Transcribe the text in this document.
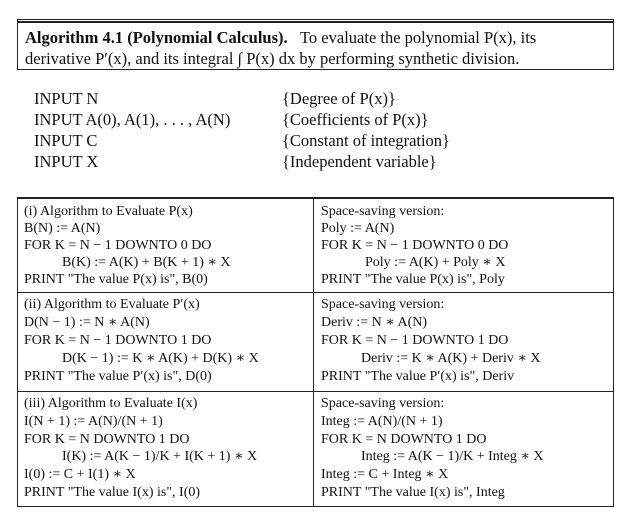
Algorithm 4.1 (Polynomial Calculus). To evaluate the polynomial P(x), its
derivative P′(x), and its integral ∫ P(x) dx by performing synthetic division.
INPUT N	{Degree of P(x)}
INPUT A(0), A(1), . . . , A(N)	{Coefficients of P(x)}
INPUT C	{Constant of integration}
INPUT X	{Independent variable}
(i) Algorithm to Evaluate P(x)
B(N) := A(N)
FOR K = N − 1 DOWNTO 0 DO
B(K) := A(K) + B(K + 1) ∗ X
PRINT "The value P(x) is", B(0)
Space-saving version:
Poly := A(N)
FOR K = N − 1 DOWNTO 0 DO
Poly := A(K) + Poly ∗ X
PRINT "The value P(x) is", Poly
(ii) Algorithm to Evaluate P′(x)
D(N − 1) := N ∗ A(N)
FOR K = N − 1 DOWNTO 1 DO
D(K − 1) := K ∗ A(K) + D(K) ∗ X
PRINT "The value P′(x) is", D(0)
Space-saving version:
Deriv := N ∗ A(N)
FOR K = N − 1 DOWNTO 1 DO
Deriv := K ∗ A(K) + Deriv ∗ X
PRINT "The value P′(x) is", Deriv
(iii) Algorithm to Evaluate I(x)
I(N + 1) := A(N)/(N + 1)
FOR K = N DOWNTO 1 DO
I(K) := A(K − 1)/K + I(K + 1) ∗ X
I(0) := C + I(1) ∗ X
PRINT "The value I(x) is", I(0)
Space-saving version:
Integ := A(N)/(N + 1)
FOR K = N DOWNTO 1 DO
Integ := A(K − 1)/K + Integ ∗ X
Integ := C + Integ ∗ X
PRINT "The value I(x) is", Integ
